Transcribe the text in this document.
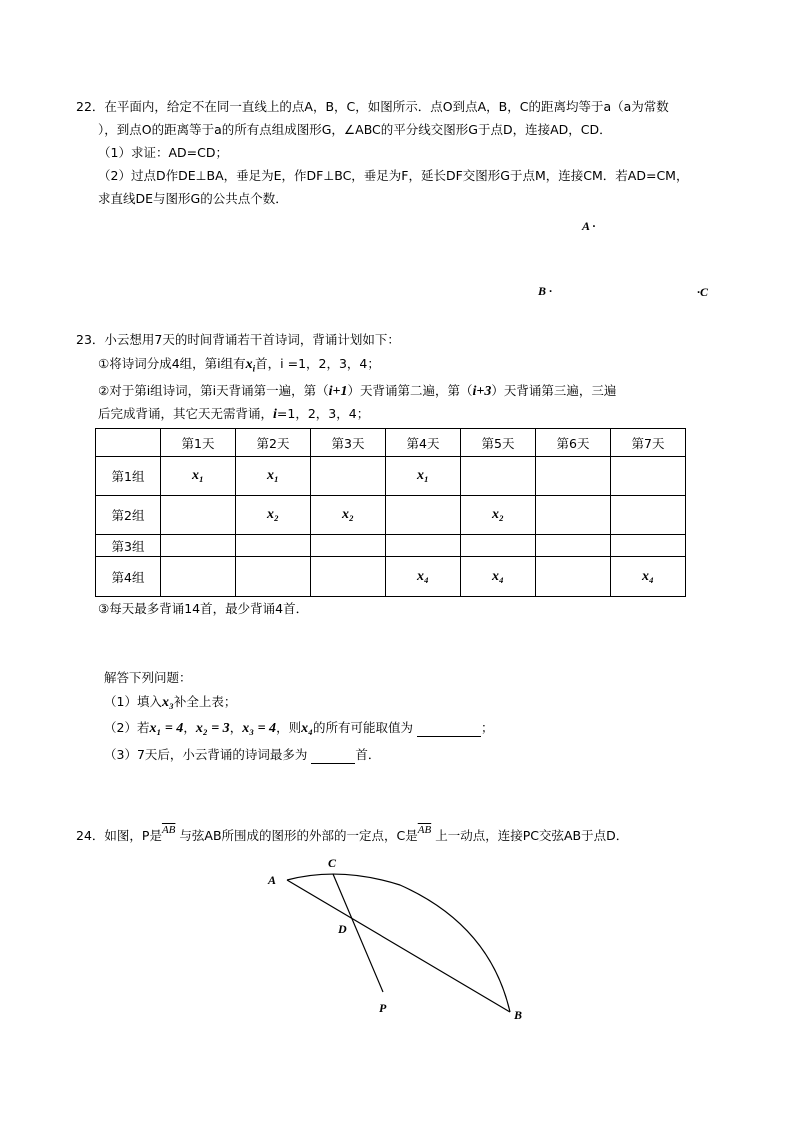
22．在平面内，给定不在同一直线上的点A，B，C，如图所示．点O到点A，B，C的距离均等于a（a为常数
），到点O的距离等于a的所有点组成图形G，∠ABC的平分线交图形G于点D，连接AD，CD．
（1）求证：AD=CD；
（2）过点D作DE⊥BA，垂足为E，作DF⊥BC，垂足为F，延长DF交图形G于点M，连接CM．若AD=CM，
求直线DE与图形G的公共点个数．
A ·
B ·	·C
23．小云想用7天的时间背诵若干首诗词，背诵计划如下：
①将诗词分成4组，第i组有$x_i$首，i =1，2，3，4；
②对于第i组诗词，第i天背诵第一遍，第（i+1）天背诵第二遍，第（i+3）天背诵第三遍，三遍
后完成背诵，其它天无需背诵，i=1，2，3，4；
	第1天	第2天	第3天	第4天	第5天	第6天	第7天
第1组	x₁	x₁		x₁			
第2组		x₂	x₂		x₂		
第3组							
第4组				x₄	x₄		x₄
③每天最多背诵14首，最少背诵4首．
解答下列问题：
（1）填入x₃补全上表；
（2）若x₁ = 4，x₂ = 3，x₃ = 4，则x₄的所有可能取值为	；
（3）7天后，小云背诵的诗词最多为	首．
24．如图，P是$\overline{AB}$ 与弦AB所围成的图形的外部的一定点，C是$\overline{AB}$ 上一动点，连接PC交弦AB于点D．
A
C
D
P	B
